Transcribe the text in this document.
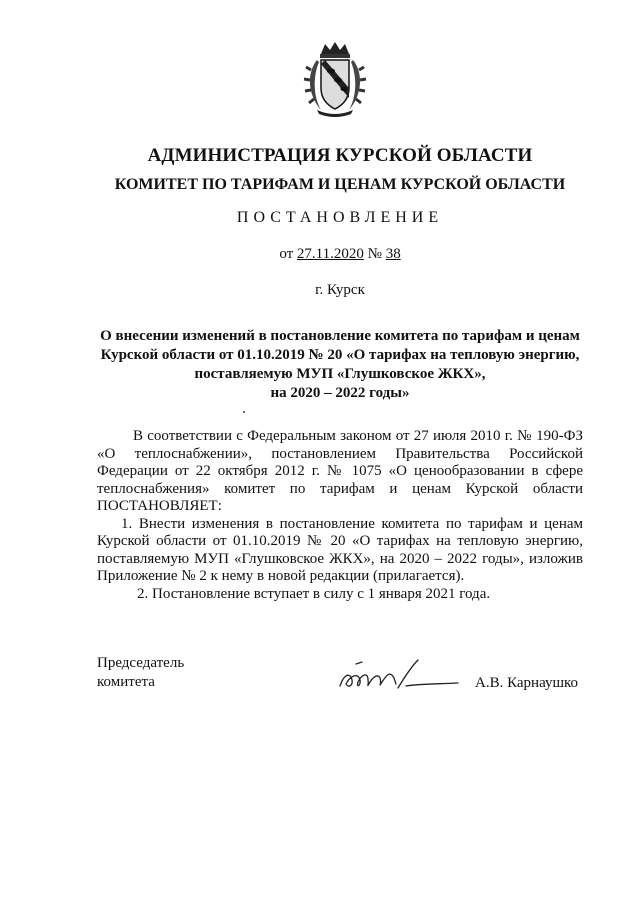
АДМИНИСТРАЦИЯ КУРСКОЙ ОБЛАСТИ
КОМИТЕТ ПО ТАРИФАМ И ЦЕНАМ КУРСКОЙ ОБЛАСТИ
ПОСТАНОВЛЕНИЕ
от 27.11.2020 № 38
г. Курск
О внесении изменений в постановление комитета по тарифам и ценам
Курской области от 01.10.2019 № 20 «О тарифах на тепловую энергию,
поставляемую МУП «Глушковское ЖКХ»,
на 2020 – 2022 годы»

В соответствии с Федеральным законом от 27 июля 2010 г. № 190-ФЗ «О теплоснабжении», постановлением Правительства Российской Федерации от 22 октября 2012 г. № 1075 «О ценообразовании в сфере теплоснабжения» комитет по тарифам и ценам Курской области ПОСТАНОВЛЯЕТ:

1. Внести изменения в постановление комитета по тарифам и ценам Курской области от 01.10.2019 № 20 «О тарифах на тепловую энергию, поставляемую МУП «Глушковское ЖКХ», на 2020 – 2022 годы», изложив Приложение № 2 к нему в новой редакции (прилагается).

2. Постановление вступает в силу с 1 января 2021 года.

Председатель
комитета	А.В. Карнаушко
